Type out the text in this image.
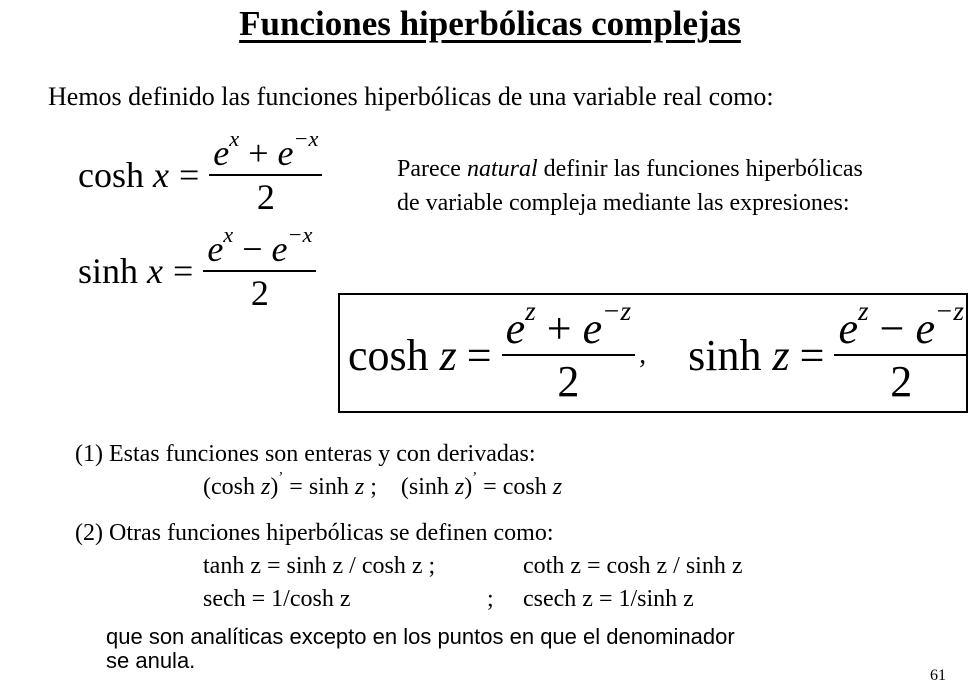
Funciones hiperbólicas complejas
Hemos definido las funciones hiperbólicas de una variable real como:
$\cosh x = \frac{e^x + e^{-x}}{2}$
$\sinh x = \frac{e^x - e^{-x}}{2}$
Parece natural definir las funciones hiperbólicas de variable compleja mediante las expresiones:
$\cosh z = \frac{e^z + e^{-z}}{2}$ , $\sinh z = \frac{e^z - e^{-z}}{2}$
(1) Estas funciones son enteras y con derivadas:
(cosh z)’ = sinh z ;    (sinh z)’ = cosh z
(2) Otras funciones hiperbólicas se definen como:
tanh z = sinh z / cosh z ;	coth z = cosh z / sinh z
sech = 1/cosh z	; csech z = 1/sinh z
que son analíticas excepto en los puntos en que el denominador
se anula.
61
